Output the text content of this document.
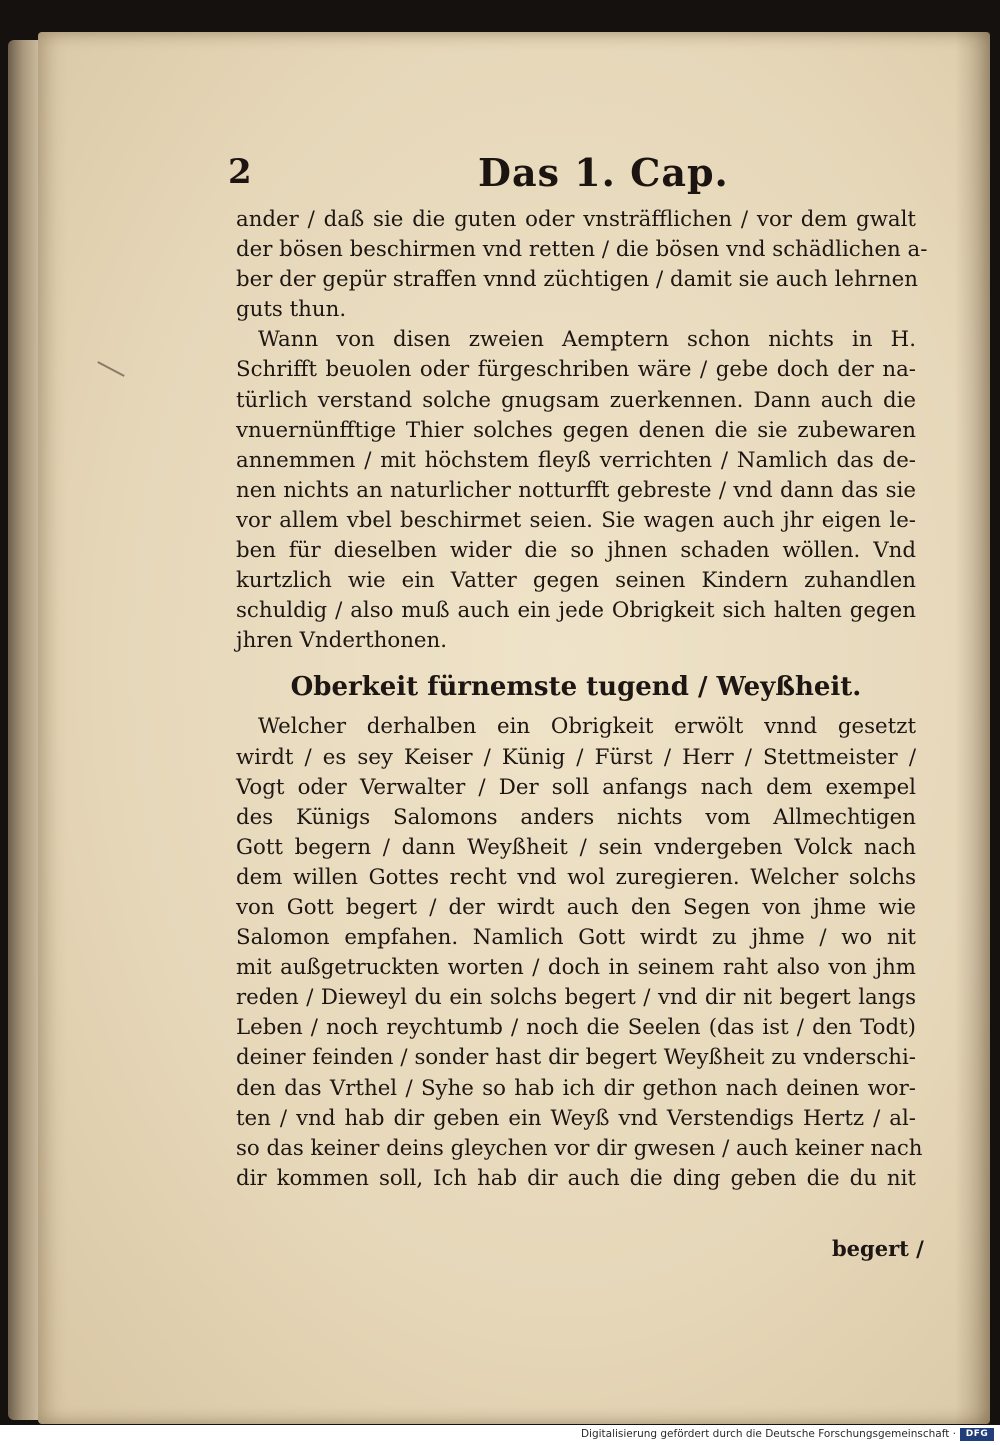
2	Das 1. Cap.
ander / daß sie die guten oder vnsträfflichen / vor dem gwalt
der bösen beschirmen vnd retten / die bösen vnd schädlichen a-
ber der gepür straffen vnnd züchtigen / damit sie auch lehrnen
guts thun.
Wann von disen zweien Aemptern schon nichts in H.
Schrifft beuolen oder fürgeschriben wäre / gebe doch der na-
türlich verstand solche gnugsam zuerkennen. Dann auch die
vnuernünfftige Thier solches gegen denen die sie zubewaren
annemmen / mit höchstem fleyß verrichten / Namlich das de-
nen nichts an naturlicher notturfft gebreste / vnd dann das sie
vor allem vbel beschirmet seien. Sie wagen auch jhr eigen le-
ben für dieselben wider die so jhnen schaden wöllen. Vnd
kurtzlich wie ein Vatter gegen seinen Kindern zuhandlen
schuldig / also muß auch ein jede Obrigkeit sich halten gegen
jhren Vnderthonen.
Oberkeit fürnemste tugend / Weyßheit.
Welcher derhalben ein Obrigkeit erwölt vnnd gesetzt
wirdt / es sey Keiser / Künig / Fürst / Herr / Stettmeister /
Vogt oder Verwalter / Der soll anfangs nach dem exempel
des Künigs Salomons anders nichts vom Allmechtigen
Gott begern / dann Weyßheit / sein vndergeben Volck nach
dem willen Gottes recht vnd wol zuregieren. Welcher solchs
von Gott begert / der wirdt auch den Segen von jhme wie
Salomon empfahen. Namlich Gott wirdt zu jhme / wo nit
mit außgetruckten worten / doch in seinem raht also von jhm
reden / Dieweyl du ein solchs begert / vnd dir nit begert langs
Leben / noch reychtumb / noch die Seelen (das ist / den Todt)
deiner feinden / sonder hast dir begert Weyßheit zu vnderschi-
den das Vrthel / Syhe so hab ich dir gethon nach deinen wor-
ten / vnd hab dir geben ein Weyß vnd Verstendigs Hertz / al-
so das keiner deins gleychen vor dir gwesen / auch keiner nach
dir kommen soll, Ich hab dir auch die ding geben die du nit
begert /
Digitalisierung gefördert durch die Deutsche Forschungsgemeinschaft ·	DFG
